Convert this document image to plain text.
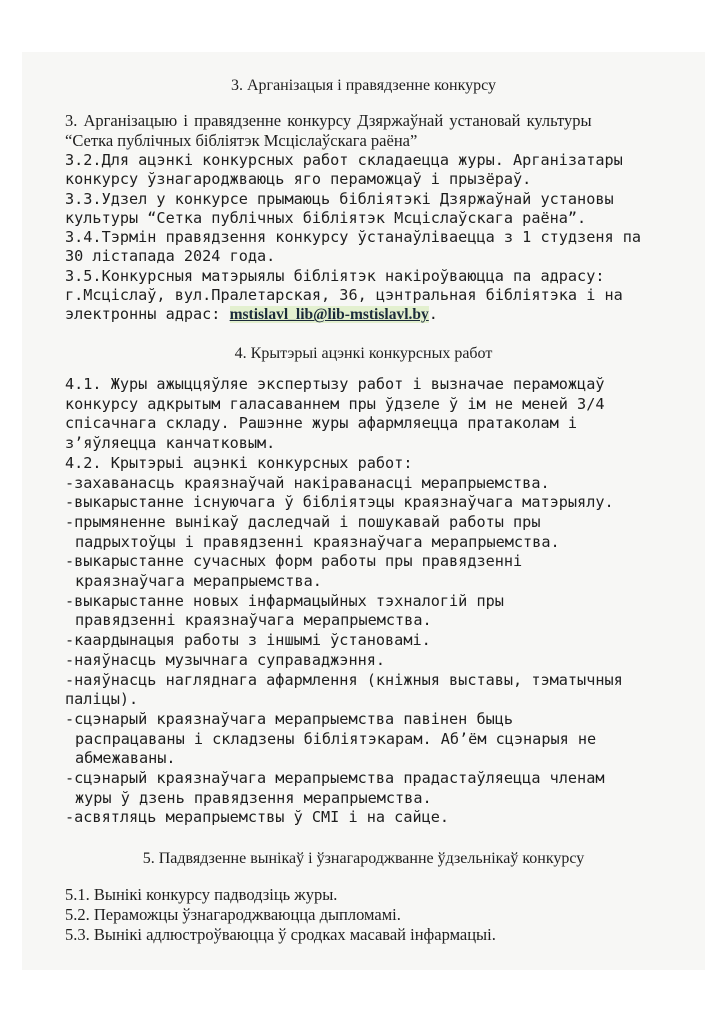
3. Арганізацыя і правядзенне конкурсу
3. Арганізацыю і правядзенне конкурсу Дзяржаўнай установай культуры
“Сетка публічных бібліятэк Мсціслаўскага раёна”
3.2.Для ацэнкі конкурсных работ складаецца журы. Арганізатары
конкурсу ўзнагароджваюць яго пераможцаў і прызёраў.
3.3.Удзел у конкурсе прымаюць бібліятэкі Дзяржаўнай установы
культуры “Сетка публічных бібліятэк Мсціслаўскага раёна”.
3.4.Тэрмін правядзення конкурсу ўстанаўліваецца з 1 студзеня па
30 лістапада 2024 года.
3.5.Конкурсныя матэрыялы бібліятэк накіроўваюцца па адрасу:
г.Мсціслаў, вул.Пралетарская, 36, цэнтральная бібліятэка і на
электронны адрас: mstislavl_lib@lib-mstislavl.by.
4. Крытэрыі ацэнкі конкурсных работ
4.1. Журы ажыццяўляе экспертызу работ і вызначае пераможцаў
конкурсу адкрытым галасаваннем пры ўдзеле ў ім не меней 3/4
спісачнага складу. Рашэнне журы афармляецца пратаколам і
з’яўляецца канчатковым.
4.2. Крытэрыі ацэнкі конкурсных работ:
-захаванасць краязнаўчай накіраванасці мерапрыемства.
-выкарыстанне існуючага ў бібліятэцы краязнаўчага матэрыялу.
-прымяненне вынікаў даследчай і пошукавай работы пры
падрыхтоўцы і правядзенні краязнаўчага мерапрыемства.
-выкарыстанне сучасных форм работы пры правядзенні
краязнаўчага мерапрыемства.
-выкарыстанне новых інфармацыйных тэхналогій пры
правядзенні краязнаўчага мерапрыемства.
-каардынацыя работы з іншымі ўстановамі.
-наяўнасць музычнага суправаджэння.
-наяўнасць нагляднага афармлення (кніжныя выставы, тэматычныя
паліцы).
-сцэнарый краязнаўчага мерапрыемства павінен быць
распрацаваны і складзены бібліятэкарам. Аб’ём сцэнарыя не
абмежаваны.
-сцэнарый краязнаўчага мерапрыемства прадастаўляецца членам
журы ў дзень правядзення мерапрыемства.
-асвятляць мерапрыемствы ў СМІ і на сайце.
5. Падвядзенне вынікаў і ўзнагароджванне ўдзельнікаў конкурсу
5.1. Вынікі конкурсу падводзіць журы.
5.2. Пераможцы ўзнагароджваюцца дыпломамі.
5.3. Вынікі адлюстроўваюцца ў сродках масавай інфармацыі.
